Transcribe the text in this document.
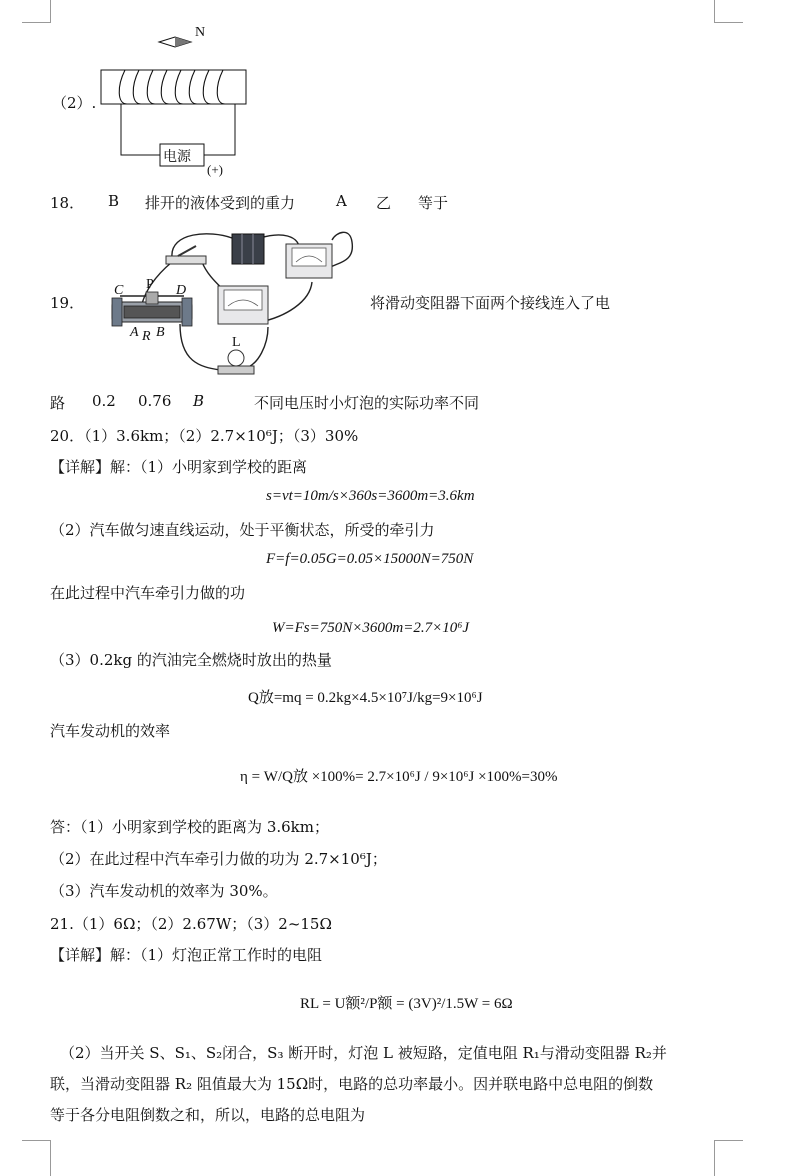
（2）.
N
电源
(+)
18． B 排开的液体受到的重力	A 乙 等于
19．
C P D
A R B
L
将滑动变阻器下面两个接线连入了电
路 0.2 0.76 B	不同电压时小灯泡的实际功率不同
20．（1）3.6km；（2）2.7×10⁶J；（3）30%
【详解】解：（1）小明家到学校的距离
s=vt=10m/s×360s=3600m=3.6km
（2）汽车做匀速直线运动，处于平衡状态，所受的牵引力
F=f=0.05G=0.05×15000N=750N
在此过程中汽车牵引力做的功
W=Fs=750N×3600m=2.7×10⁶J
（3）0.2kg 的汽油完全燃烧时放出的热量
Q放=mq = 0.2kg×4.5×10⁷J/kg=9×10⁶J
汽车发动机的效率
η = W/Q放 ×100%= 2.7×10⁶J / 9×10⁶J ×100%=30%
答：（1）小明家到学校的距离为 3.6km；
（2）在此过程中汽车牵引力做的功为 2.7×10⁶J；
（3）汽车发动机的效率为 30%。
21.（1）6Ω；（2）2.67W；（3）2~15Ω
【详解】解：（1）灯泡正常工作时的电阻
RL = U额²/P额 = (3V)²/1.5W = 6Ω
（2）当开关 S、S₁、S₂闭合，S₃ 断开时，灯泡 L 被短路，定值电阻 R₁与滑动变阻器 R₂并
联，当滑动变阻器 R₂ 阻值最大为 15Ω时，电路的总功率最小。因并联电路中总电阻的倒数
等于各分电阻倒数之和，所以，电路的总电阻为
